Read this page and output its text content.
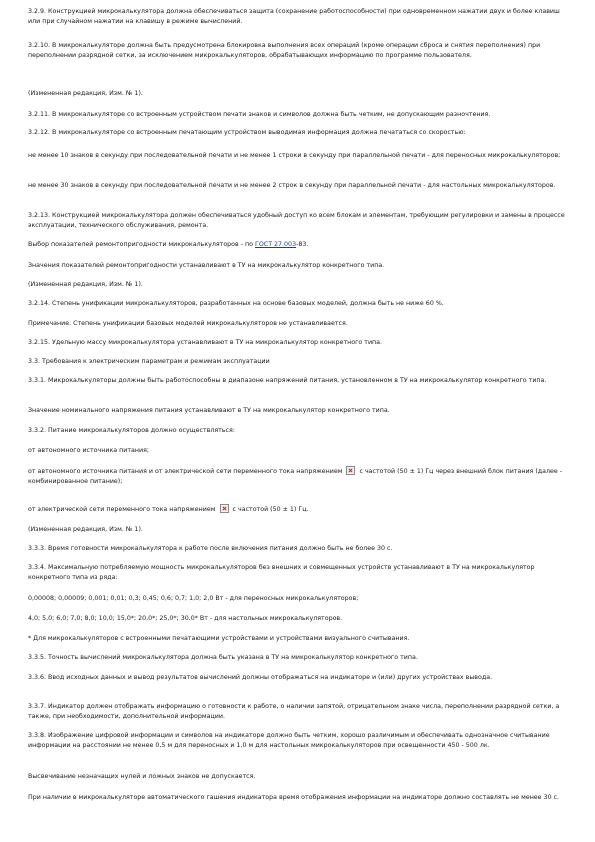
3.2.9. Конструкцией микрокалькулятора должна обеспечиваться защита (сохранение работоспособности) при одновременном нажатии двух и более клавиш или при случайном нажатии на клавишу в режиме вычислений.

3.2.10. В микрокалькуляторе должна быть предусмотрена блокировка выполнения всех операций (кроме операции сброса и снятия переполнения) при переполнении разрядной сетки, за исключением микрокалькуляторов, обрабатывающих информацию по программе пользователя.

(Измененная редакция, Изм. № 1).

3.2.11. В микрокалькуляторе со встроенным устройством печати знаков и символов должна быть четким, не допускающим разночтения.

3.2.12. В микрокалькуляторе со встроенным печатающим устройством выводимая информация должна печататься со скоростью:

не менее 10 знаков в секунду при последовательной печати и не менее 1 строки в секунду при параллельной печати - для переносных микрокалькуляторов;

не менее 30 знаков в секунду при последовательной печати и не менее 2 строк в секунду при параллельной печати - для настольных микрокалькуляторов.

3.2.13. Конструкцией микрокалькулятора должен обеспечиваться удобный доступ ко всем блокам и элементам, требующим регулировки и замены в процессе эксплуатации, технического обслуживания, ремонта.

Выбор показателей ремонтопригодности микрокалькуляторов - по ГОСТ 27.003-83.

Значения показателей ремонтопригодности устанавливают в ТУ на микрокалькулятор конкретного типа.

(Измененная редакция, Изм. № 1).

3.2.14. Степень унификации микрокалькуляторов, разработанных на основе базовых моделей, должна быть не ниже 60 %.

Примечание. Степень унификации базовых моделей микрокалькуляторов не устанавливается.

3.2.15. Удельную массу микрокалькулятора устанавливают в ТУ на микрокалькулятор конкретного типа.

3.3. Требования к электрическим параметрам и режимам эксплуатации

3.3.1. Микрокалькуляторы должны быть работоспособны в диапазоне напряжений питания, установленном в ТУ на микрокалькулятор конкретного типа.

Значение номинального напряжения питания устанавливают в ТУ на микрокалькулятор конкретного типа.

3.3.2. Питание микрокалькуляторов должно осуществляться:

от автономного источника питания;

от автономного источника питания и от электрической сети переменного тока напряжением  с частотой (50 ± 1) Гц через внешний блок питания (далее - комбинированное питание);

от электрической сети переменного тока напряжением  с частотой (50 ± 1) Гц.

(Измененная редакция, Изм. № 1).

3.3.3. Время готовности микрокалькулятора к работе после включения питания должно быть не более 30 с.

3.3.4. Максимальную потребляемую мощность микрокалькуляторов без внешних и совмещенных устройств устанавливают в ТУ на микрокалькулятор конкретного типа из ряда:

0,00008; 0,00009; 0,001; 0,01; 0,3; 0,45; 0,6; 0,7; 1,0; 2,0 Вт - для переносных микрокалькуляторов;

4,0; 5,0; 6,0; 7,0; 8,0; 10,0; 15,0*; 20,0*; 25,0*; 30,0* Вт - для настольных микрокалькуляторов.

* Для микрокалькуляторов с встроенными печатающими устройствами и устройствами визуального считывания.

3.3.5. Точность вычислений микрокалькулятора должна быть указана в ТУ на микрокалькулятор конкретного типа.

3.3.6. Ввод исходных данных и вывод результатов вычислений должны отображаться на индикаторе и (или) других устройствах вывода.

3.3.7. Индикатор должен отображать информацию о готовности к работе, о наличии запятой, отрицательном знаке числа, переполнении разрядной сетки, а также, при необходимости, дополнительной информации.

3.3.8. Изображение цифровой информации и символов на индикаторе должно быть четким, хорошо различимым и обеспечивать однозначное считывание информации на расстоянии не менее 0,5 м для переносных и 1,0 м для настольных микрокалькуляторов при освещенности 450 - 500 лк.

Высвечивание незначащих нулей и ложных знаков не допускается.

При наличии в микрокалькуляторе автоматического гашения индикатора время отображения информации на индикаторе должно составлять не менее 30 с.
